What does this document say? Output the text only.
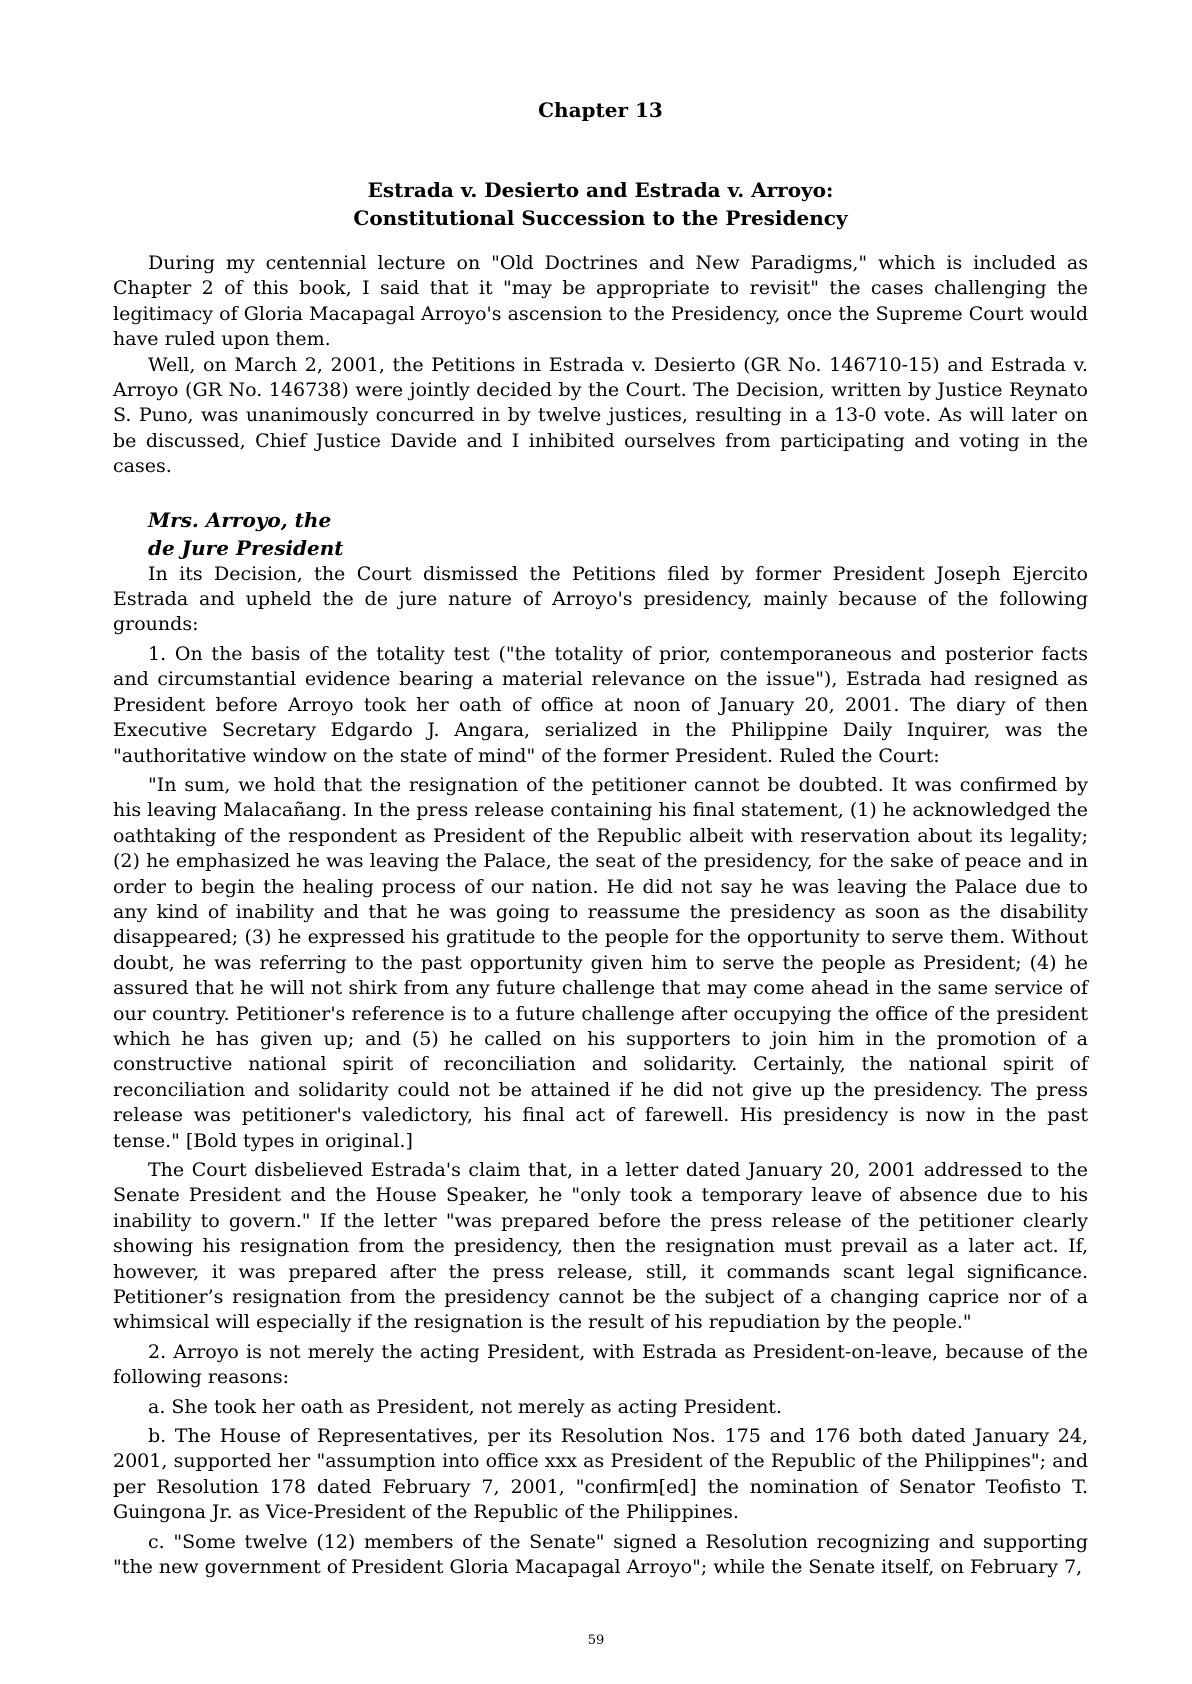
Chapter 13
Estrada v. Desierto and Estrada v. Arroyo:
Constitutional Succession to the Presidency

During my centennial lecture on "Old Doctrines and New Paradigms," which is included as Chapter 2 of this book, I said that it "may be appropriate to revisit" the cases challenging the legitimacy of Gloria Macapagal Arroyo's ascension to the Presidency, once the Supreme Court would have ruled upon them.

Well, on March 2, 2001, the Petitions in Estrada v. Desierto (GR No. 146710-15) and Estrada v. Arroyo (GR No. 146738) were jointly decided by the Court. The Decision, written by Justice Reynato S. Puno, was unanimously concurred in by twelve justices, resulting in a 13-0 vote. As will later on be discussed, Chief Justice Davide and I inhibited ourselves from participating and voting in the cases.

Mrs. Arroyo, the
de Jure President

In its Decision, the Court dismissed the Petitions filed by former President Joseph Ejercito Estrada and upheld the de jure nature of Arroyo's presidency, mainly because of the following grounds:

1. On the basis of the totality test ("the totality of prior, contemporaneous and posterior facts and circumstantial evidence bearing a material relevance on the issue"), Estrada had resigned as President before Arroyo took her oath of office at noon of January 20, 2001. The diary of then Executive Secretary Edgardo J. Angara, serialized in the Philippine Daily Inquirer, was the "authoritative window on the state of mind" of the former President. Ruled the Court:

"In sum, we hold that the resignation of the petitioner cannot be doubted. It was confirmed by his leaving Malacañang. In the press release containing his final statement, (1) he acknowledged the oathtaking of the respondent as President of the Republic albeit with reservation about its legality; (2) he emphasized he was leaving the Palace, the seat of the presidency, for the sake of peace and in order to begin the healing process of our nation. He did not say he was leaving the Palace due to any kind of inability and that he was going to reassume the presidency as soon as the disability disappeared; (3) he expressed his gratitude to the people for the opportunity to serve them. Without doubt, he was referring to the past opportunity given him to serve the people as President; (4) he assured that he will not shirk from any future challenge that may come ahead in the same service of our country. Petitioner's reference is to a future challenge after occupying the office of the president which he has given up; and (5) he called on his supporters to join him in the promotion of a constructive national spirit of reconciliation and solidarity. Certainly, the national spirit of reconciliation and solidarity could not be attained if he did not give up the presidency. The press release was petitioner's valedictory, his final act of farewell. His presidency is now in the past tense." [Bold types in original.]

The Court disbelieved Estrada's claim that, in a letter dated January 20, 2001 addressed to the Senate President and the House Speaker, he "only took a temporary leave of absence due to his inability to govern." If the letter "was prepared before the press release of the petitioner clearly showing his resignation from the presidency, then the resignation must prevail as a later act. If, however, it was prepared after the press release, still, it commands scant legal significance. Petitioner’s resignation from the presidency cannot be the subject of a changing caprice nor of a whimsical will especially if the resignation is the result of his repudiation by the people."

2. Arroyo is not merely the acting President, with Estrada as President-on-leave, because of the following reasons:

a. She took her oath as President, not merely as acting President.

b. The House of Representatives, per its Resolution Nos. 175 and 176 both dated January 24, 2001, supported her "assumption into office xxx as President of the Republic of the Philippines"; and per Resolution 178 dated February 7, 2001, "confirm[ed] the nomination of Senator Teofisto T. Guingona Jr. as Vice-President of the Republic of the Philippines.

c. "Some twelve (12) members of the Senate" signed a Resolution recognizing and supporting "the new government of President Gloria Macapagal Arroyo"; while the Senate itself, on February 7,

59
